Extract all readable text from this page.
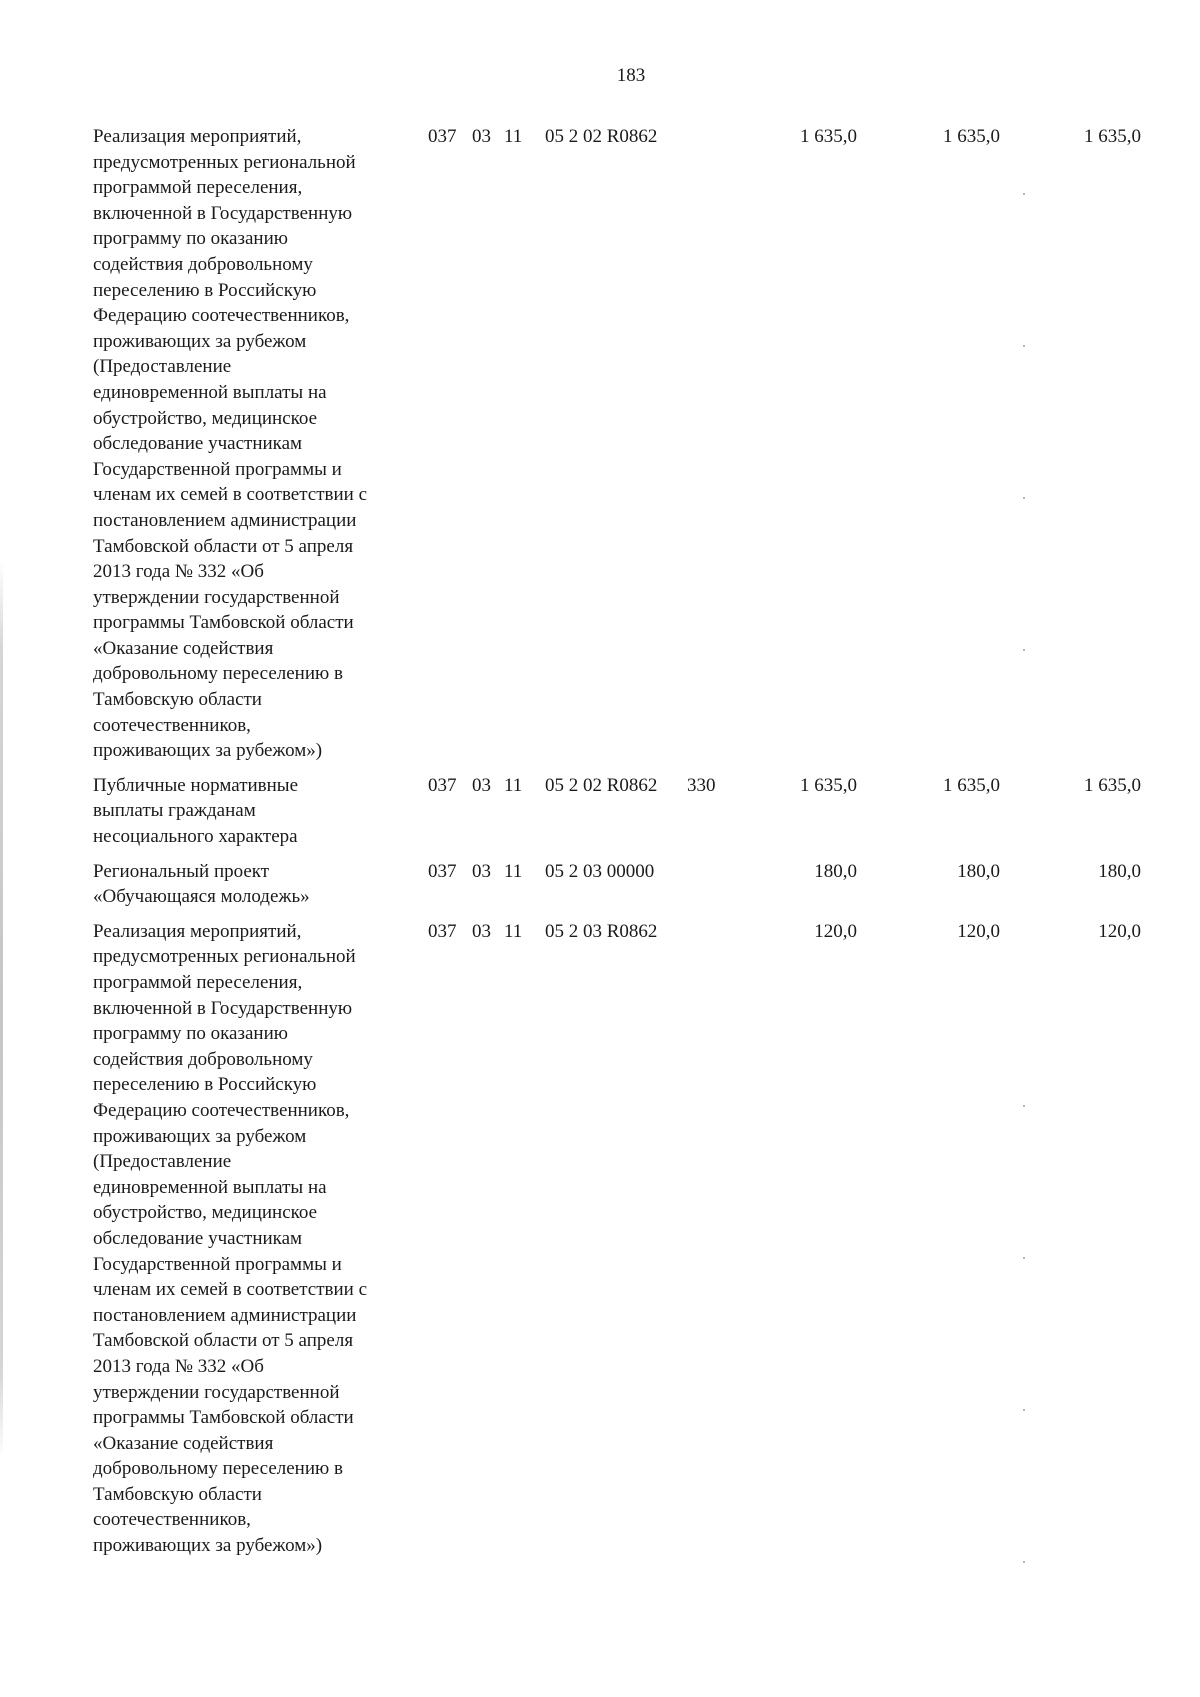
183
Реализация мероприятий,
предусмотренных региональной
программой переселения,
включенной в Государственную
программу по оказанию
содействия добровольному
переселению в Российскую
Федерацию соотечественников,
проживающих за рубежом
(Предоставление
единовременной выплаты на
обустройство, медицинское
обследование участникам
Государственной программы и
членам их семей в соответствии с
постановлением администрации
Тамбовской области от 5 апреля
2013 года № 332 «Об
утверждении государственной
программы Тамбовской области
«Оказание содействия
добровольному переселению в
Тамбовскую области
соотечественников,
проживающих за рубежом»)
037 03 11	05 2 02 R0862	1 635,0	1 635,0	1 635,0
Публичные нормативные
выплаты гражданам
несоциального характера
037 03 11	05 2 02 R0862	330	1 635,0	1 635,0	1 635,0
Региональный проект
«Обучающаяся молодежь»
037 03 11	05 2 03 00000	180,0	180,0	180,0
Реализация мероприятий,
предусмотренных региональной
программой переселения,
включенной в Государственную
программу по оказанию
содействия добровольному
переселению в Российскую
Федерацию соотечественников,
проживающих за рубежом
(Предоставление
единовременной выплаты на
обустройство, медицинское
обследование участникам
Государственной программы и
членам их семей в соответствии с
постановлением администрации
Тамбовской области от 5 апреля
2013 года № 332 «Об
утверждении государственной
программы Тамбовской области
«Оказание содействия
добровольному переселению в
Тамбовскую области
соотечественников,
проживающих за рубежом»)
037 03 11	05 2 03 R0862	120,0	120,0	120,0
